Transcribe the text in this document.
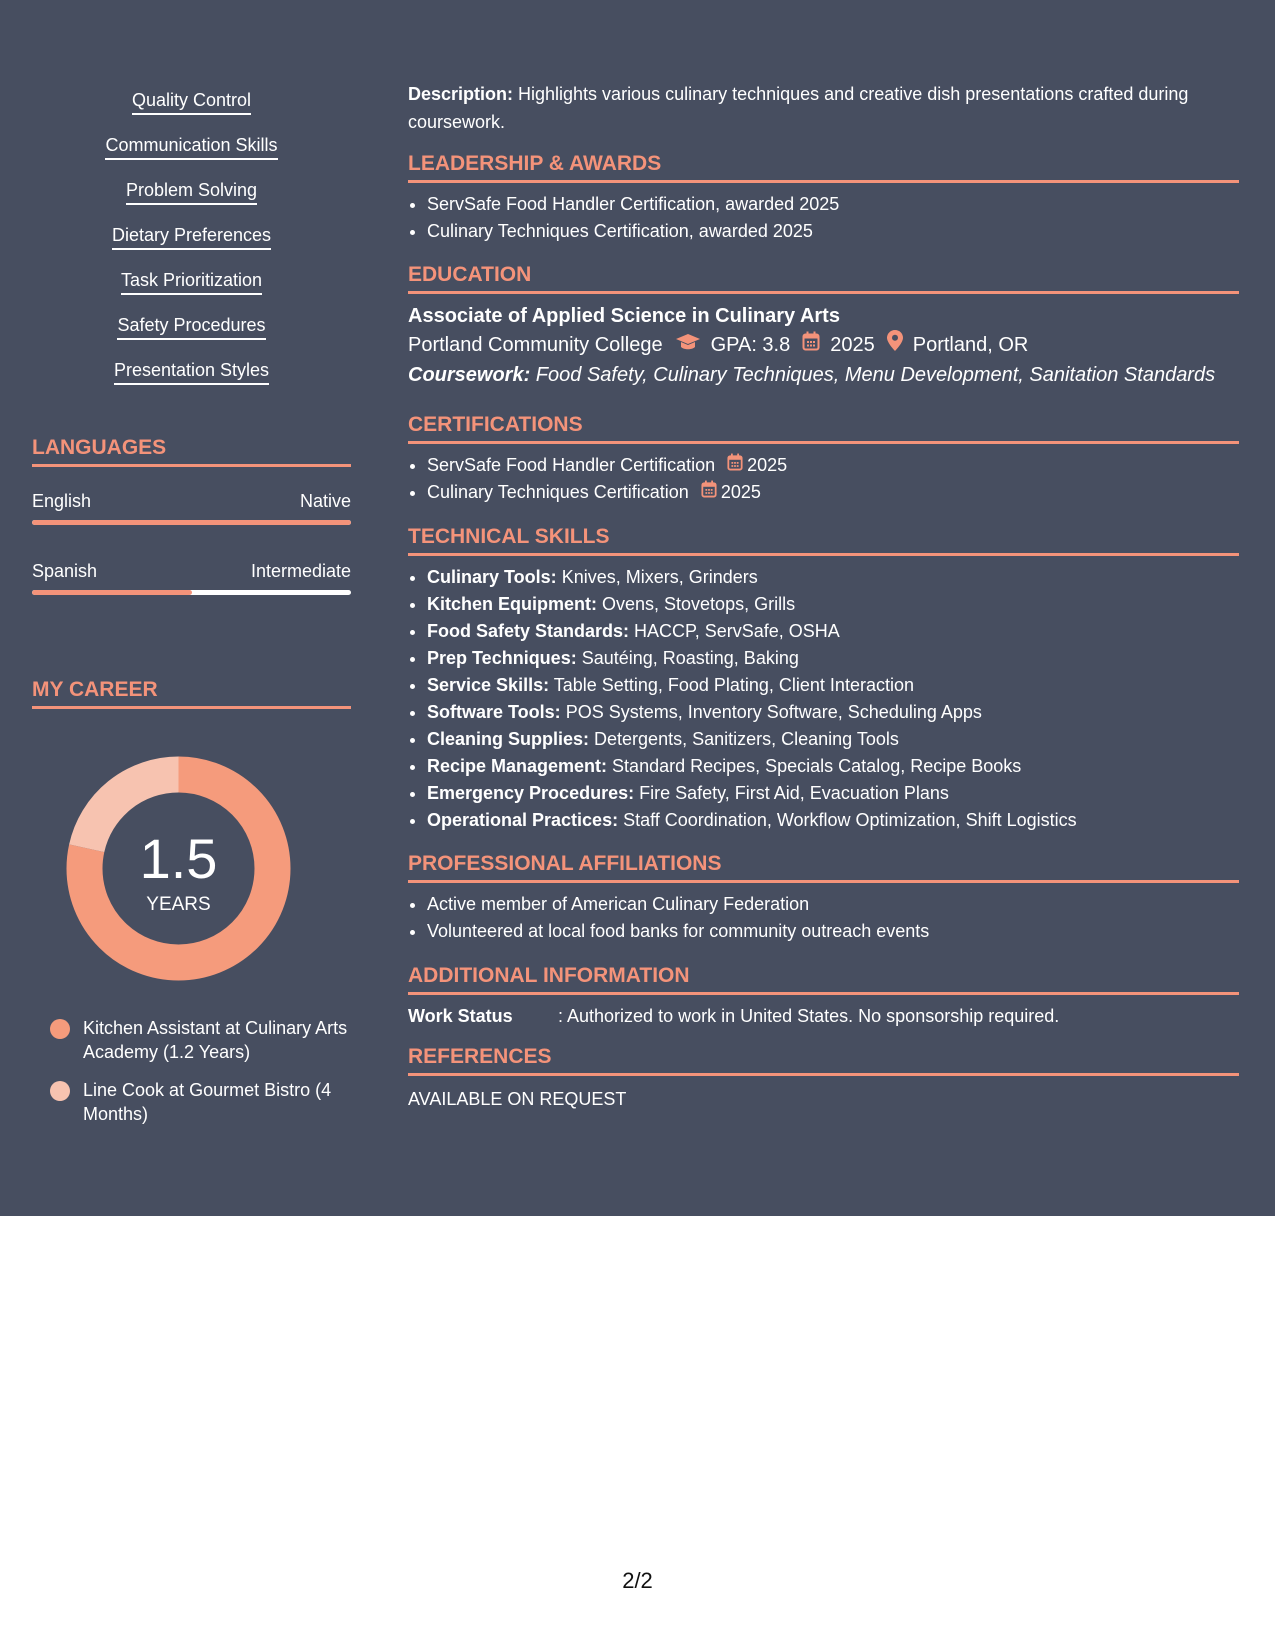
Quality Control
Communication Skills
Problem Solving
Dietary Preferences
Task Prioritization
Safety Procedures
Presentation Styles
LANGUAGES
English	Native
Spanish	Intermediate
MY CAREER
1.5
YEARS
Kitchen Assistant at Culinary Arts Academy (1.2 Years)
Line Cook at Gourmet Bistro (4 Months)
Description: Highlights various culinary techniques and creative dish presentations crafted during coursework.
LEADERSHIP & AWARDS
• ServSafe Food Handler Certification, awarded 2025
• Culinary Techniques Certification, awarded 2025
EDUCATION
Associate of Applied Science in Culinary Arts
Portland Community College GPA: 3.8 2025 Portland, OR
Coursework: Food Safety, Culinary Techniques, Menu Development, Sanitation Standards
CERTIFICATIONS
• ServSafe Food Handler Certification 2025
• Culinary Techniques Certification 2025
TECHNICAL SKILLS
• Culinary Tools: Knives, Mixers, Grinders
• Kitchen Equipment: Ovens, Stovetops, Grills
• Food Safety Standards: HACCP, ServSafe, OSHA
• Prep Techniques: Sautéing, Roasting, Baking
• Service Skills: Table Setting, Food Plating, Client Interaction
• Software Tools: POS Systems, Inventory Software, Scheduling Apps
• Cleaning Supplies: Detergents, Sanitizers, Cleaning Tools
• Recipe Management: Standard Recipes, Specials Catalog, Recipe Books
• Emergency Procedures: Fire Safety, First Aid, Evacuation Plans
• Operational Practices: Staff Coordination, Workflow Optimization, Shift Logistics
PROFESSIONAL AFFILIATIONS
• Active member of American Culinary Federation
• Volunteered at local food banks for community outreach events
ADDITIONAL INFORMATION
Work Status	: Authorized to work in United States. No sponsorship required.
REFERENCES
AVAILABLE ON REQUEST
2/2
